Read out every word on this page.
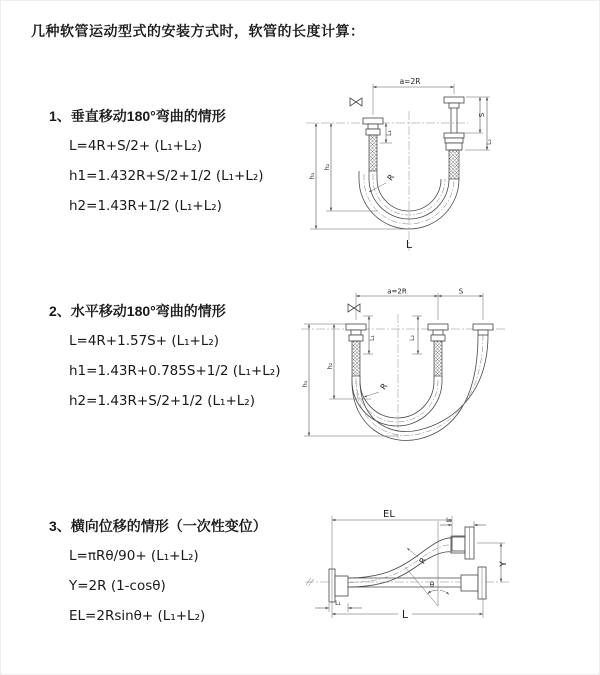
几种软管运动型式的安装方式时，软管的长度计算：
1、垂直移动180°弯曲的情形
L=4R+S/2+ (L₁+L₂)
h1=1.432R+S/2+1/2 (L₁+L₂)
h2=1.43R+1/2 (L₁+L₂)
2、水平移动180°弯曲的情形
L=4R+1.57S+ (L₁+L₂)
h1=1.43R+0.785S+1/2 (L₁+L₂)
h2=1.43R+S/2+1/2 (L₁+L₂)
3、横向位移的情形（一次性变位）
L=πRθ/90+ (L₁+L₂)
Y=2R (1-cosθ)
EL=2Rsinθ+ (L₁+L₂)
a=2R
h₁
h₂
L₁
S
L₂
R
L
a=2R	S
h₁
h₂
L₁	L₂
R
EL
L₂
Y
R
θ
L₁
L
